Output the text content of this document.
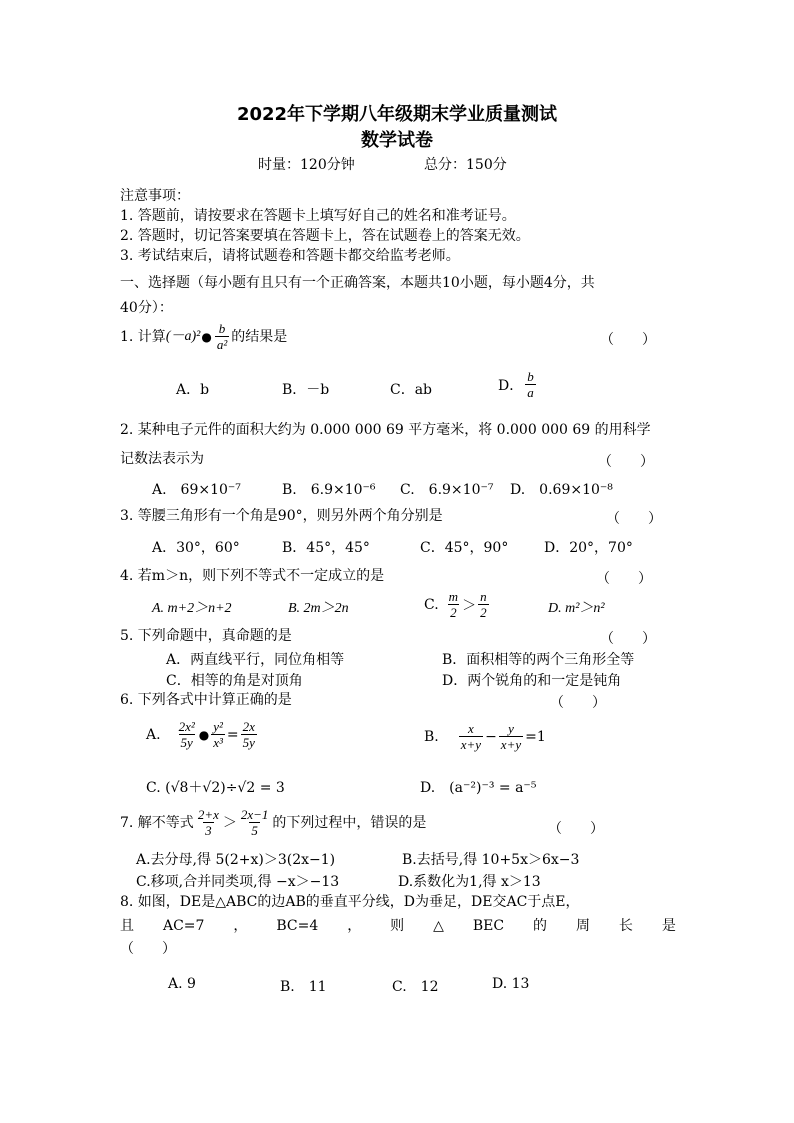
2022年下学期八年级期末学业质量测试
数学试卷
时量：120分钟	总分：150分
注意事项：
1. 答题前，请按要求在答题卡上填写好自己的姓名和准考证号。
2. 答题时，切记答案要填在答题卡上，答在试题卷上的答案无效。
3. 考试结束后，请将试题卷和答题卡都交给监考老师。
一、选择题（每小题有且只有一个正确答案，本题共10小题，每小题4分，共
40分）：
1. 计算 (－a)² ● $\frac{b}{\text{a²}}$ 的结果是	（　　）
A．b	B．－b	C．ab	D． $\frac{b}{a}$
2. 某种电子元件的面积大约为 0.000 000 69 平方毫米，将 0.000 000 69 的用科学
记数法表示为	（　　）
A.　69×10⁻⁷	B.　6.9×10⁻⁶ C.　6.9×10⁻⁷ D.　0.69×10⁻⁸
3. 等腰三角形有一个角是90°，则另外两个角分别是	（　　）
A．30°，60°	B．45°，45°	C．45°，90°	D．20°，70°
4. 若m＞n，则下列不等式不一定成立的是	（　　）
A. m+2＞n+2	B. 2m＞2n	C. $\frac{m}{2} > \frac{n}{2}$	D. m²＞n²
5. 下列命题中，真命题的是	（　　）
A．两直线平行，同位角相等	B．面积相等的两个三角形全等
C．相等的角是对顶角	D．两个锐角的和一定是钝角
6. 下列各式中计算正确的是	（　　）
A. $\frac{\text{2x²}}{5y}$ ● $\frac{\text{y²}}{\text{x³}} = \frac{2x}{5y}$	B. $\frac{x}{x+y} - \frac{y}{x+y} =1$
C. (√8＋√2)÷√2 = 3	D.　(a⁻²)⁻³ = a⁻⁵
7. 解不等式 $\frac{2+x}{3} > \frac{2x-1}{5}$ 的下列过程中，错误的是	（　　）
A.去分母,得 5(2+x)＞3(2x−1)	B.去括号,得 10+5x＞6x−3
C.移项,合并同类项,得 −x＞−13	D.系数化为1,得 x＞13
8. 如图，DE是△ABC的边AB的垂直平分线，D为垂足，DE交AC于点E，
且 AC=7 ， BC=4 ， 则 △ BEC 的 周 长 是
（　　）
A. 9	B.　11	C.　12	D. 13
